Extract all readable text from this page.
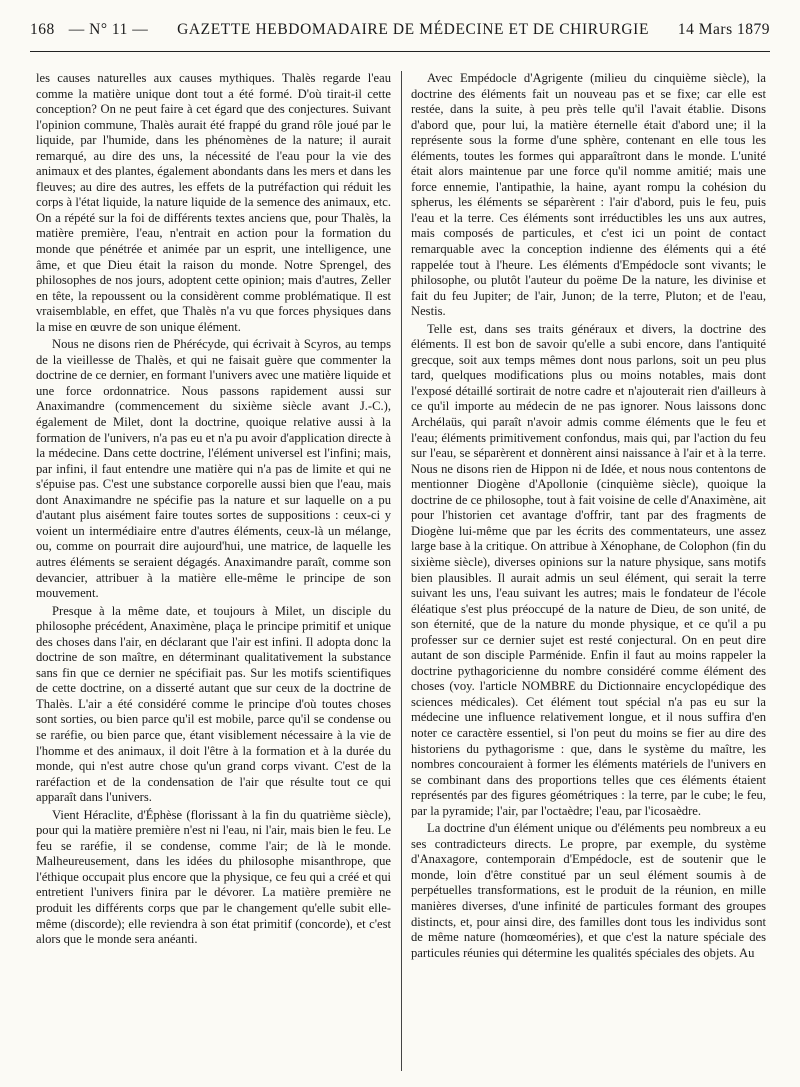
168 — N° 11 —	GAZETTE HEBDOMADAIRE DE MÉDECINE ET DE CHIRURGIE	14 Mars 1879

les causes naturelles aux causes mythiques. Thalès regarde l'eau comme la matière unique dont tout a été formé. D'où tirait-il cette conception? On ne peut faire à cet égard que des conjectures. Suivant l'opinion commune, Thalès aurait été frappé du grand rôle joué par le liquide, par l'humide, dans les phénomènes de la nature; il aurait remarqué, au dire des uns, la nécessité de l'eau pour la vie des animaux et des plantes, également abondants dans les mers et dans les fleuves; au dire des autres, les effets de la putréfaction qui réduit les corps à l'état liquide, la nature liquide de la semence des animaux, etc. On a répété sur la foi de différents textes anciens que, pour Thalès, la matière première, l'eau, n'entrait en action pour la formation du monde que pénétrée et animée par un esprit, une intelligence, une âme, et que Dieu était la raison du monde. Notre Sprengel, des philosophes de nos jours, adoptent cette opinion; mais d'autres, Zeller en tête, la repoussent ou la considèrent comme problématique. Il est vraisemblable, en effet, que Thalès n'a vu que forces physiques dans la mise en œuvre de son unique élément.

Nous ne disons rien de Phérécyde, qui écrivait à Scyros, au temps de la vieillesse de Thalès, et qui ne faisait guère que commenter la doctrine de ce dernier, en formant l'univers avec une matière liquide et une force ordonnatrice. Nous passons rapidement aussi sur Anaximandre (commencement du sixième siècle avant J.-C.), également de Milet, dont la doctrine, quoique relative aussi à la formation de l'univers, n'a pas eu et n'a pu avoir d'application directe à la médecine. Dans cette doctrine, l'élément universel est l'infini; mais, par infini, il faut entendre une matière qui n'a pas de limite et qui ne s'épuise pas. C'est une substance corporelle aussi bien que l'eau, mais dont Anaximandre ne spécifie pas la nature et sur laquelle on a pu d'autant plus aisément faire toutes sortes de suppositions : ceux-ci y voient un intermédiaire entre d'autres éléments, ceux-là un mélange, ou, comme on pourrait dire aujourd'hui, une matrice, de laquelle les autres éléments se seraient dégagés. Anaximandre paraît, comme son devancier, attribuer à la matière elle-même le principe de son mouvement.

Presque à la même date, et toujours à Milet, un disciple du philosophe précédent, Anaximène, plaça le principe primitif et unique des choses dans l'air, en déclarant que l'air est infini. Il adopta donc la doctrine de son maître, en déterminant qualitativement la substance sans fin que ce dernier ne spécifiait pas. Sur les motifs scientifiques de cette doctrine, on a disserté autant que sur ceux de la doctrine de Thalès. L'air a été considéré comme le principe d'où toutes choses sont sorties, ou bien parce qu'il est mobile, parce qu'il se condense ou se raréfie, ou bien parce que, étant visiblement nécessaire à la vie de l'homme et des animaux, il doit l'être à la formation et à la durée du monde, qui n'est autre chose qu'un grand corps vivant. C'est de la raréfaction et de la condensation de l'air que résulte tout ce qui apparaît dans l'univers.

Vient Héraclite, d'Éphèse (florissant à la fin du quatrième siècle), pour qui la matière première n'est ni l'eau, ni l'air, mais bien le feu. Le feu se raréfie, il se condense, comme l'air; de là le monde. Malheureusement, dans les idées du philosophe misanthrope, que l'éthique occupait plus encore que la physique, ce feu qui a créé et qui entretient l'univers finira par le dévorer. La matière première ne produit les différents corps que par le changement qu'elle subit elle-même (discorde); elle reviendra à son état primitif (concorde), et c'est alors que le monde sera anéanti.

Avec Empédocle d'Agrigente (milieu du cinquième siècle), la doctrine des éléments fait un nouveau pas et se fixe; car elle est restée, dans la suite, à peu près telle qu'il l'avait établie. Disons d'abord que, pour lui, la matière éternelle était d'abord une; il la représente sous la forme d'une sphère, contenant en elle tous les éléments, toutes les formes qui apparaîtront dans le monde. L'unité était alors maintenue par une force qu'il nomme amitié; mais une force ennemie, l'antipathie, la haine, ayant rompu la cohésion du spherus, les éléments se séparèrent : l'air d'abord, puis le feu, puis l'eau et la terre. Ces éléments sont irréductibles les uns aux autres, mais composés de particules, et c'est ici un point de contact remarquable avec la conception indienne des éléments qui a été rappelée tout à l'heure. Les éléments d'Empédocle sont vivants; le philosophe, ou plutôt l'auteur du poëme De la nature, les divinise et fait du feu Jupiter; de l'air, Junon; de la terre, Pluton; et de l'eau, Nestis.

Telle est, dans ses traits généraux et divers, la doctrine des éléments. Il est bon de savoir qu'elle a subi encore, dans l'antiquité grecque, soit aux temps mêmes dont nous parlons, soit un peu plus tard, quelques modifications plus ou moins notables, mais dont l'exposé détaillé sortirait de notre cadre et n'ajouterait rien d'ailleurs à ce qu'il importe au médecin de ne pas ignorer. Nous laissons donc Archélaüs, qui paraît n'avoir admis comme éléments que le feu et l'eau; éléments primitivement confondus, mais qui, par l'action du feu sur l'eau, se séparèrent et donnèrent ainsi naissance à l'air et à la terre. Nous ne disons rien de Hippon ni de Idée, et nous nous contentons de mentionner Diogène d'Apollonie (cinquième siècle), quoique la doctrine de ce philosophe, tout à fait voisine de celle d'Anaximène, ait pour l'historien cet avantage d'offrir, tant par des fragments de Diogène lui-même que par les écrits des commentateurs, une assez large base à la critique. On attribue à Xénophane, de Colophon (fin du sixième siècle), diverses opinions sur la nature physique, sans motifs bien plausibles. Il aurait admis un seul élément, qui serait la terre suivant les uns, l'eau suivant les autres; mais le fondateur de l'école éléatique s'est plus préoccupé de la nature de Dieu, de son unité, de son éternité, que de la nature du monde physique, et ce qu'il a pu professer sur ce dernier sujet est resté conjectural. On en peut dire autant de son disciple Parménide. Enfin il faut au moins rappeler la doctrine pythagoricienne du nombre considéré comme élément des choses (voy. l'article NOMBRE du Dictionnaire encyclopédique des sciences médicales). Cet élément tout spécial n'a pas eu sur la médecine une influence relativement longue, et il nous suffira d'en noter ce caractère essentiel, si l'on peut du moins se fier au dire des historiens du pythagorisme : que, dans le système du maître, les nombres concouraient à former les éléments matériels de l'univers en se combinant dans des proportions telles que ces éléments étaient représentés par des figures géométriques : la terre, par le cube; le feu, par la pyramide; l'air, par l'octaèdre; l'eau, par l'icosaèdre.

La doctrine d'un élément unique ou d'éléments peu nombreux a eu ses contradicteurs directs. Le propre, par exemple, du système d'Anaxagore, contemporain d'Empédocle, est de soutenir que le monde, loin d'être constitué par un seul élément soumis à de perpétuelles transformations, est le produit de la réunion, en mille manières diverses, d'une infinité de particules formant des groupes distincts, et, pour ainsi dire, des familles dont tous les individus sont de même nature (homœoméries), et que c'est la nature spéciale des particules réunies qui détermine les qualités spéciales des objets. Au
